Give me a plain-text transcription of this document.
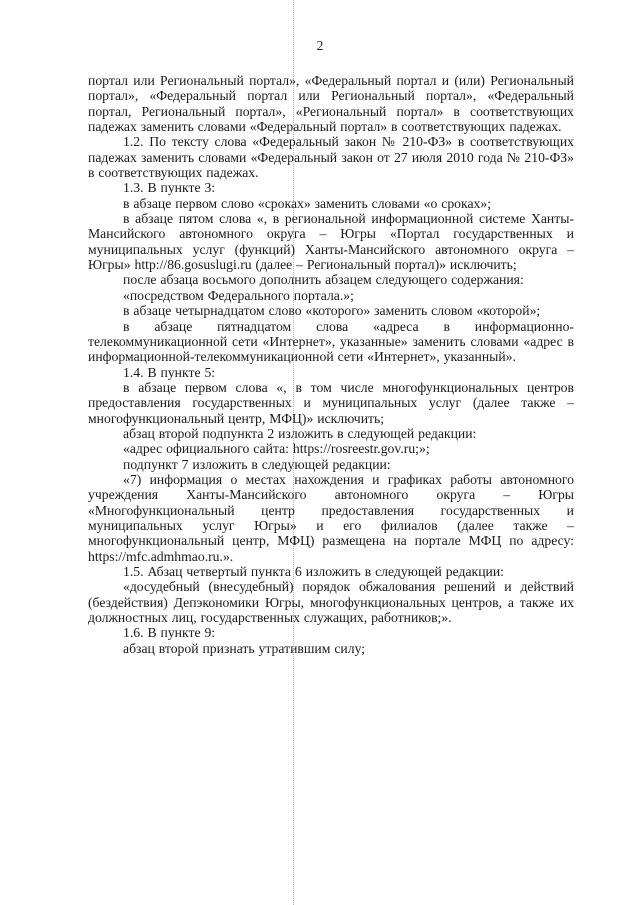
2

портал или Региональный портал», «Федеральный портал и (или) Региональный портал», «Федеральный портал или Региональный портал», «Федеральный портал, Региональный портал», «Региональный портал» в соответствующих падежах заменить словами «Федеральный портал» в соответствующих падежах.

1.2. По тексту слова «Федеральный закон № 210-ФЗ» в соответствующих падежах заменить словами «Федеральный закон от 27 июля 2010 года № 210-ФЗ» в соответствующих падежах.

1.3. В пункте 3:

в абзаце первом слово «сроках» заменить словами «о сроках»;

в абзаце пятом слова «, в региональной информационной системе Ханты-Мансийского автономного округа – Югры «Портал государственных и муниципальных услуг (функций) Ханты-Мансийского автономного округа – Югры» http://86.gosuslugi.ru (далее – Региональный портал)» исключить;

после абзаца восьмого дополнить абзацем следующего содержания:

«посредством Федерального портала.»;

в абзаце четырнадцатом слово «которого» заменить словом «которой»;

в абзаце пятнадцатом слова «адреса в информационно-телекоммуникационной сети «Интернет», указанные» заменить словами «адрес в информационной-телекоммуникационной сети «Интернет», указанный».

1.4. В пункте 5:

в абзаце первом слова «, в том числе многофункциональных центров предоставления государственных и муниципальных услуг (далее также – многофункциональный центр, МФЦ)» исключить;

абзац второй подпункта 2 изложить в следующей редакции:

«адрес официального сайта: https://rosreestr.gov.ru;»;

подпункт 7 изложить в следующей редакции:

«7) информация о местах нахождения и графиках работы автономного учреждения Ханты-Мансийского автономного округа – Югры «Многофункциональный центр предоставления государственных и муниципальных услуг Югры» и его филиалов (далее также – многофункциональный центр, МФЦ) размещена на портале МФЦ по адресу: https://mfc.admhmao.ru.».

1.5. Абзац четвертый пункта 6 изложить в следующей редакции:

«досудебный (внесудебный) порядок обжалования решений и действий (бездействия) Депэкономики Югры, многофункциональных центров, а также их должностных лиц, государственных служащих, работников;».

1.6. В пункте 9:

абзац второй признать утратившим силу;
